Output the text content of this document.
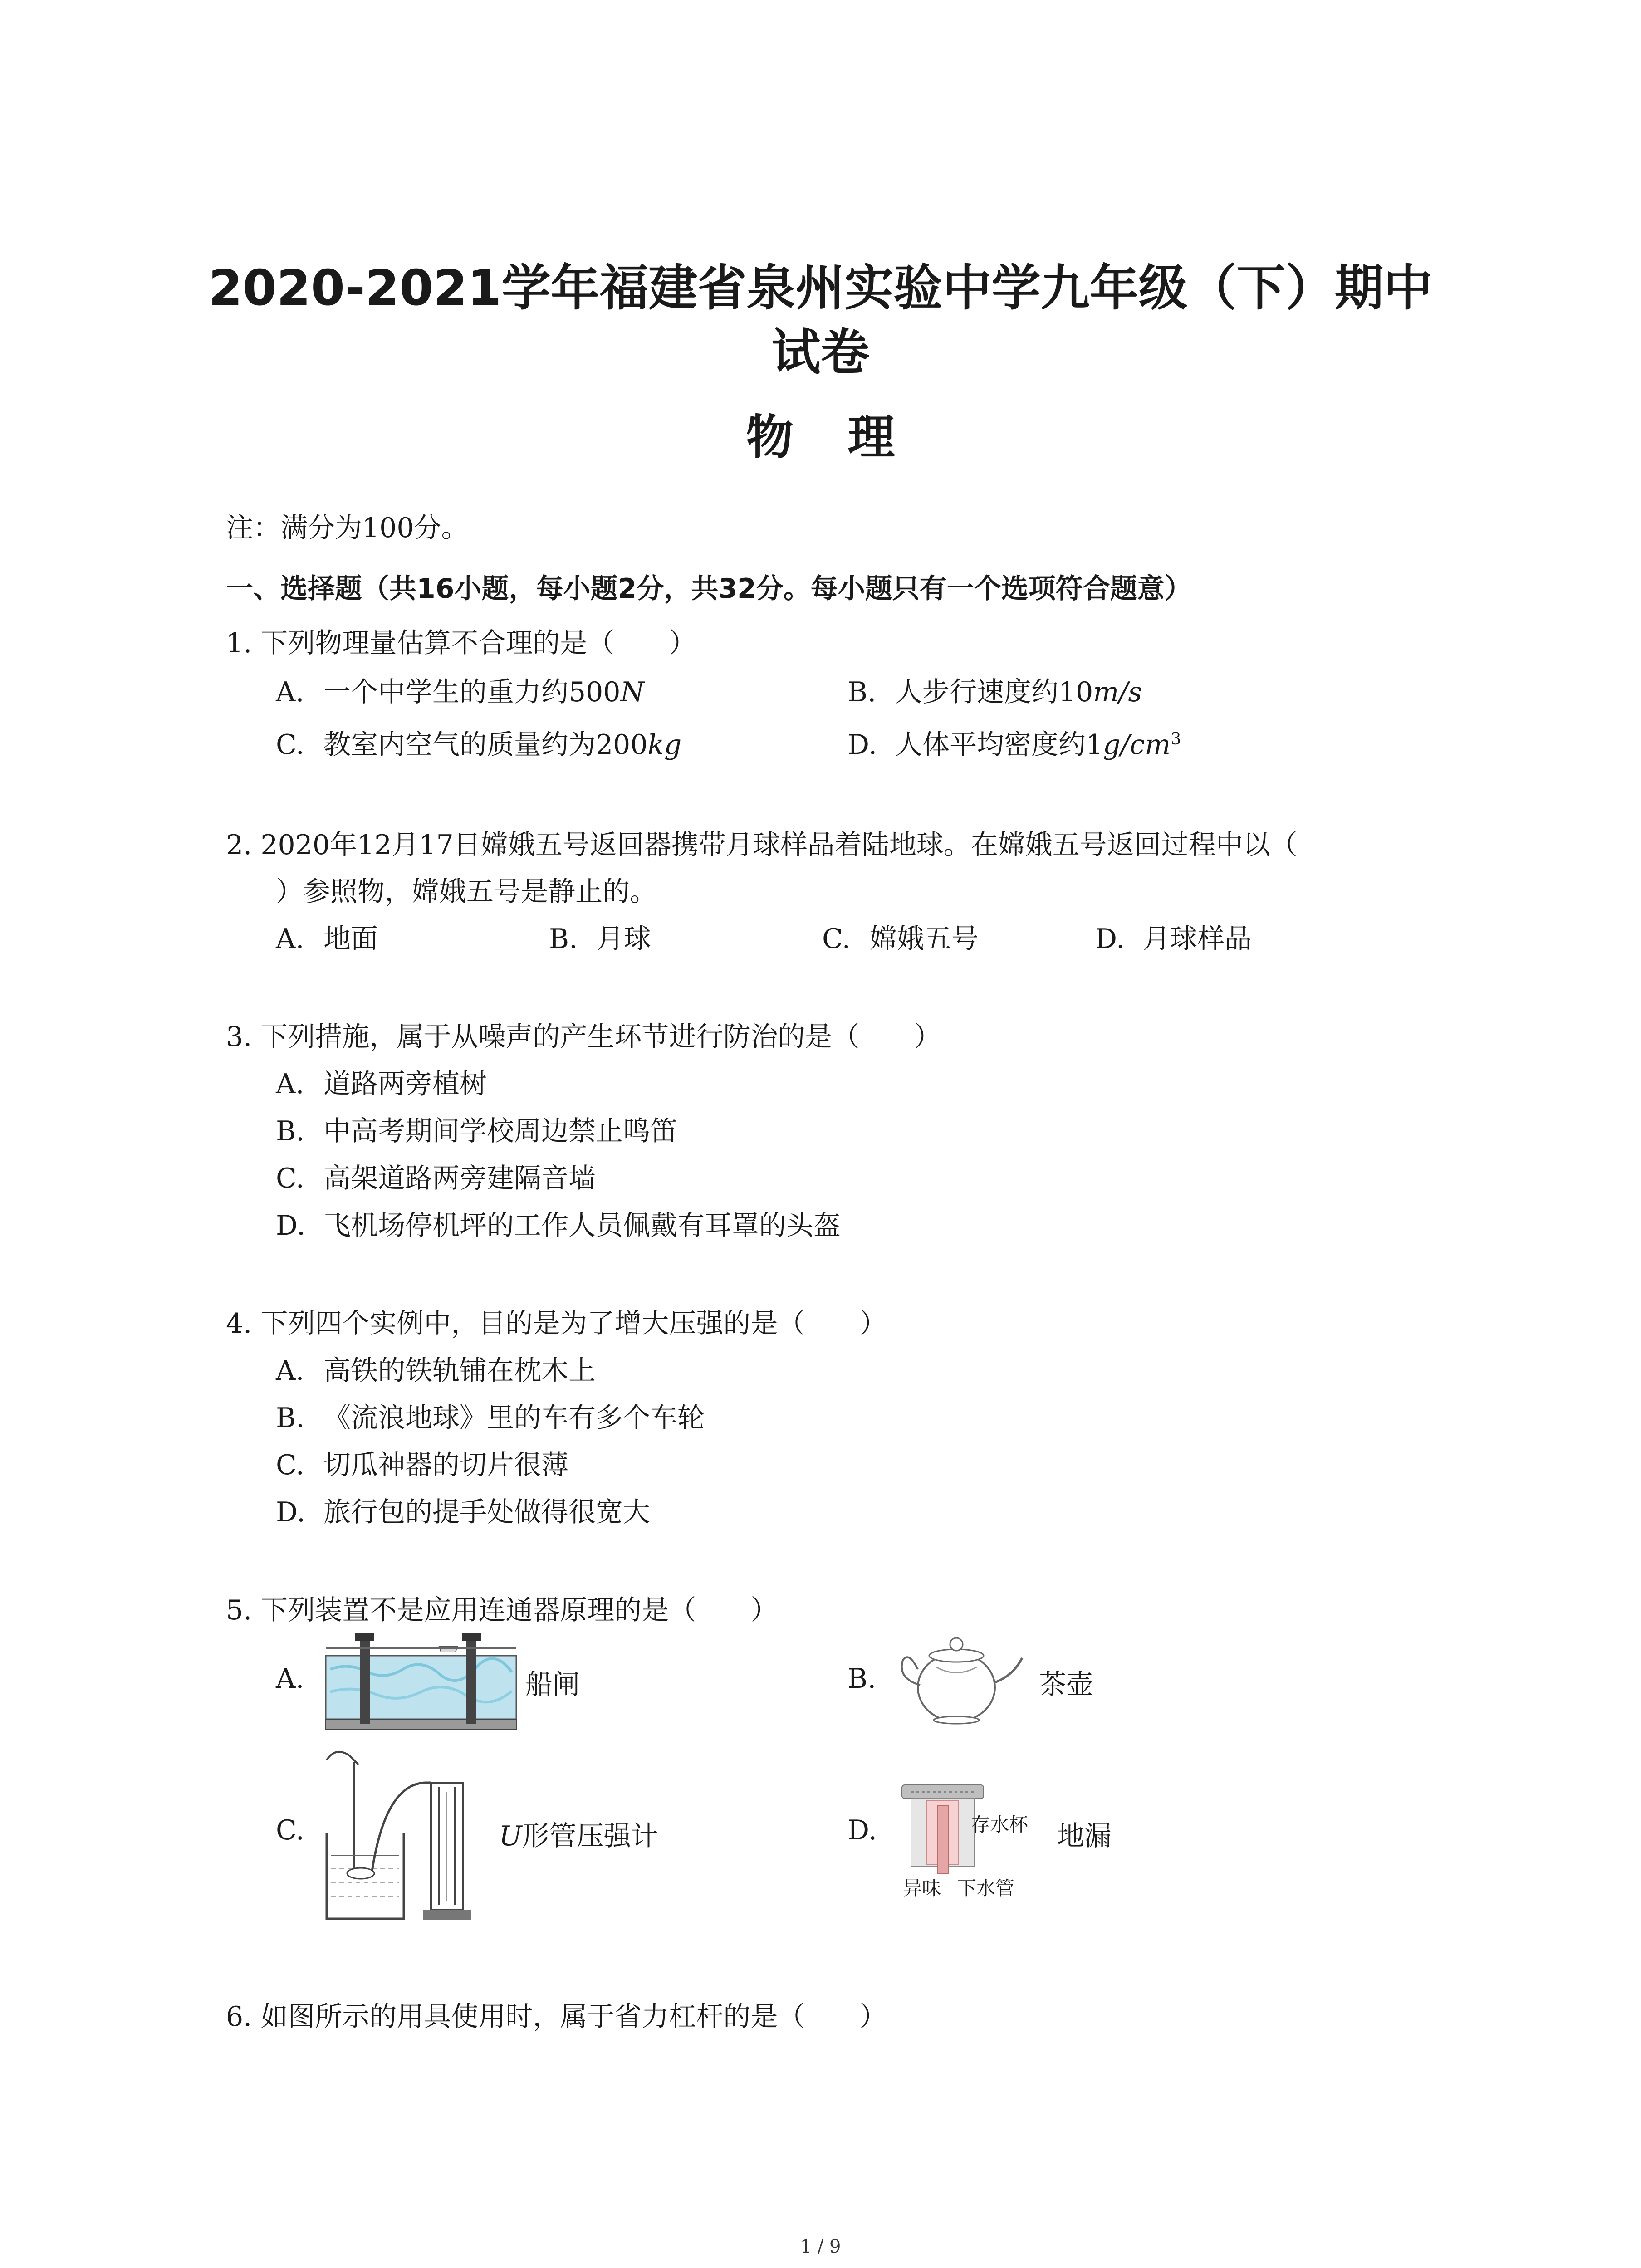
2020-2021学年福建省泉州实验中学九年级（下）期中
试卷
物理
注：满分为100分。
一、选择题（共16小题，每小题2分，共32分。每小题只有一个选项符合题意）
1. 下列物理量估算不合理的是（　　）
A. 一个中学生的重力约500N	B. 人步行速度约10m/s
C. 教室内空气的质量约为200kg	D. 人体平均密度约$1g/cm^3$
2. 2020年12月17日嫦娥五号返回器携带月球样品着陆地球。在嫦娥五号返回过程中以（
）参照物，嫦娥五号是静止的。
A. 地面	B. 月球	C. 嫦娥五号	D. 月球样品
3. 下列措施，属于从噪声的产生环节进行防治的是（　　）
A. 道路两旁植树
B. 中高考期间学校周边禁止鸣笛
C. 高架道路两旁建隔音墙
D. 飞机场停机坪的工作人员佩戴有耳罩的头盔
4. 下列四个实例中，目的是为了增大压强的是（　　）
A. 高铁的铁轨铺在枕木上
B. 《流浪地球》里的车有多个车轮
C. 切瓜神器的切片很薄
D. 旅行包的提手处做得很宽大
5. 下列装置不是应用连通器原理的是（　　）
A.	船闸	B.	茶壶
C.	U形管压强计	D.	存水杯
异味 下水管
地漏
6. 如图所示的用具使用时，属于省力杠杆的是（　　）
1 / 9
